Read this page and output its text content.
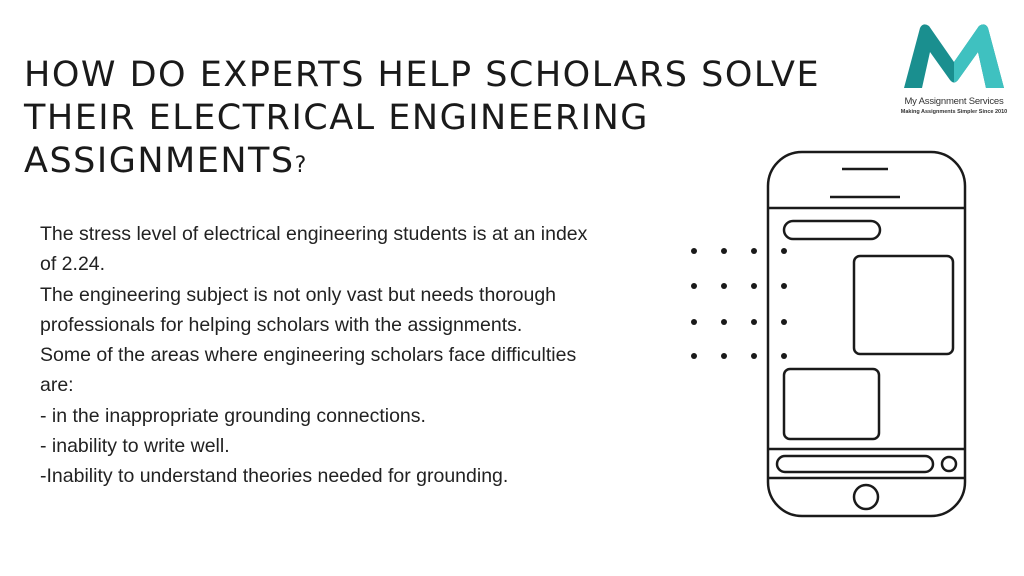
HOW DO EXPERTS HELP SCHOLARS SOLVE
THEIR ELECTRICAL ENGINEERING
ASSIGNMENTS?
The stress level of electrical engineering students is at an index
of 2.24.
The engineering subject is not only vast but needs thorough
professionals for helping scholars with the assignments.
Some of the areas where engineering scholars face difficulties
are:
- in the inappropriate grounding connections.
- inability to write well.
-Inability to understand theories needed for grounding.
My Assignment Services
Making Assignments Simpler Since 2010
